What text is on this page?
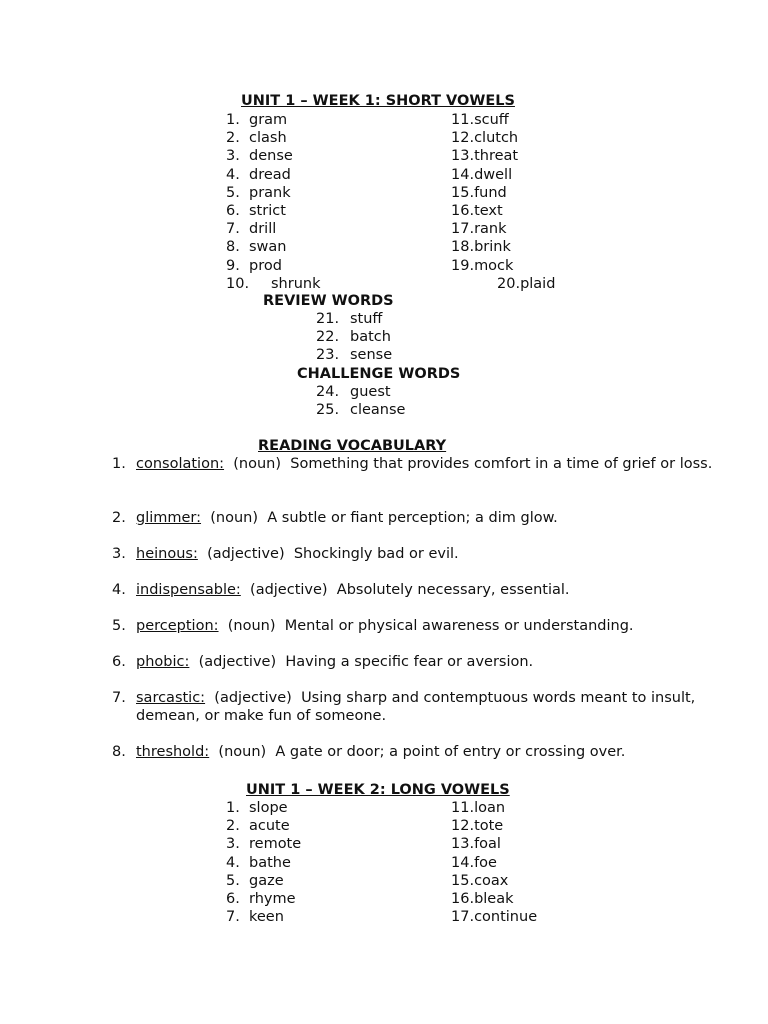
UNIT 1 – WEEK 1: SHORT VOWELS
1. gram
2. clash
3. dense
4. dread
5. prank
6. strict
7. drill
8. swan
9. prod
10. shrunk
11.scuff
12.clutch
13.threat
14.dwell
15.fund
16.text
17.rank
18.brink
19.mock
20.plaid
REVIEW WORDS
21. stuff
22. batch
23. sense
CHALLENGE WORDS
24. guest
25. cleanse
READING VOCABULARY
1. consolation: (noun) Something that provides comfort in a time of grief or loss.
2. glimmer: (noun) A subtle or fiant perception; a dim glow.
3. heinous: (adjective) Shockingly bad or evil.
4. indispensable: (adjective) Absolutely necessary, essential.
5. perception: (noun) Mental or physical awareness or understanding.
6. phobic: (adjective) Having a specific fear or aversion.
7. sarcastic: (adjective) Using sharp and contemptuous words meant to insult, demean, or make fun of someone.
8. threshold: (noun) A gate or door; a point of entry or crossing over.
UNIT 1 – WEEK 2: LONG VOWELS
1. slope
2. acute
3. remote
4. bathe
5. gaze
6. rhyme
7. keen
11.loan
12.tote
13.foal
14.foe
15.coax
16.bleak
17.continue
